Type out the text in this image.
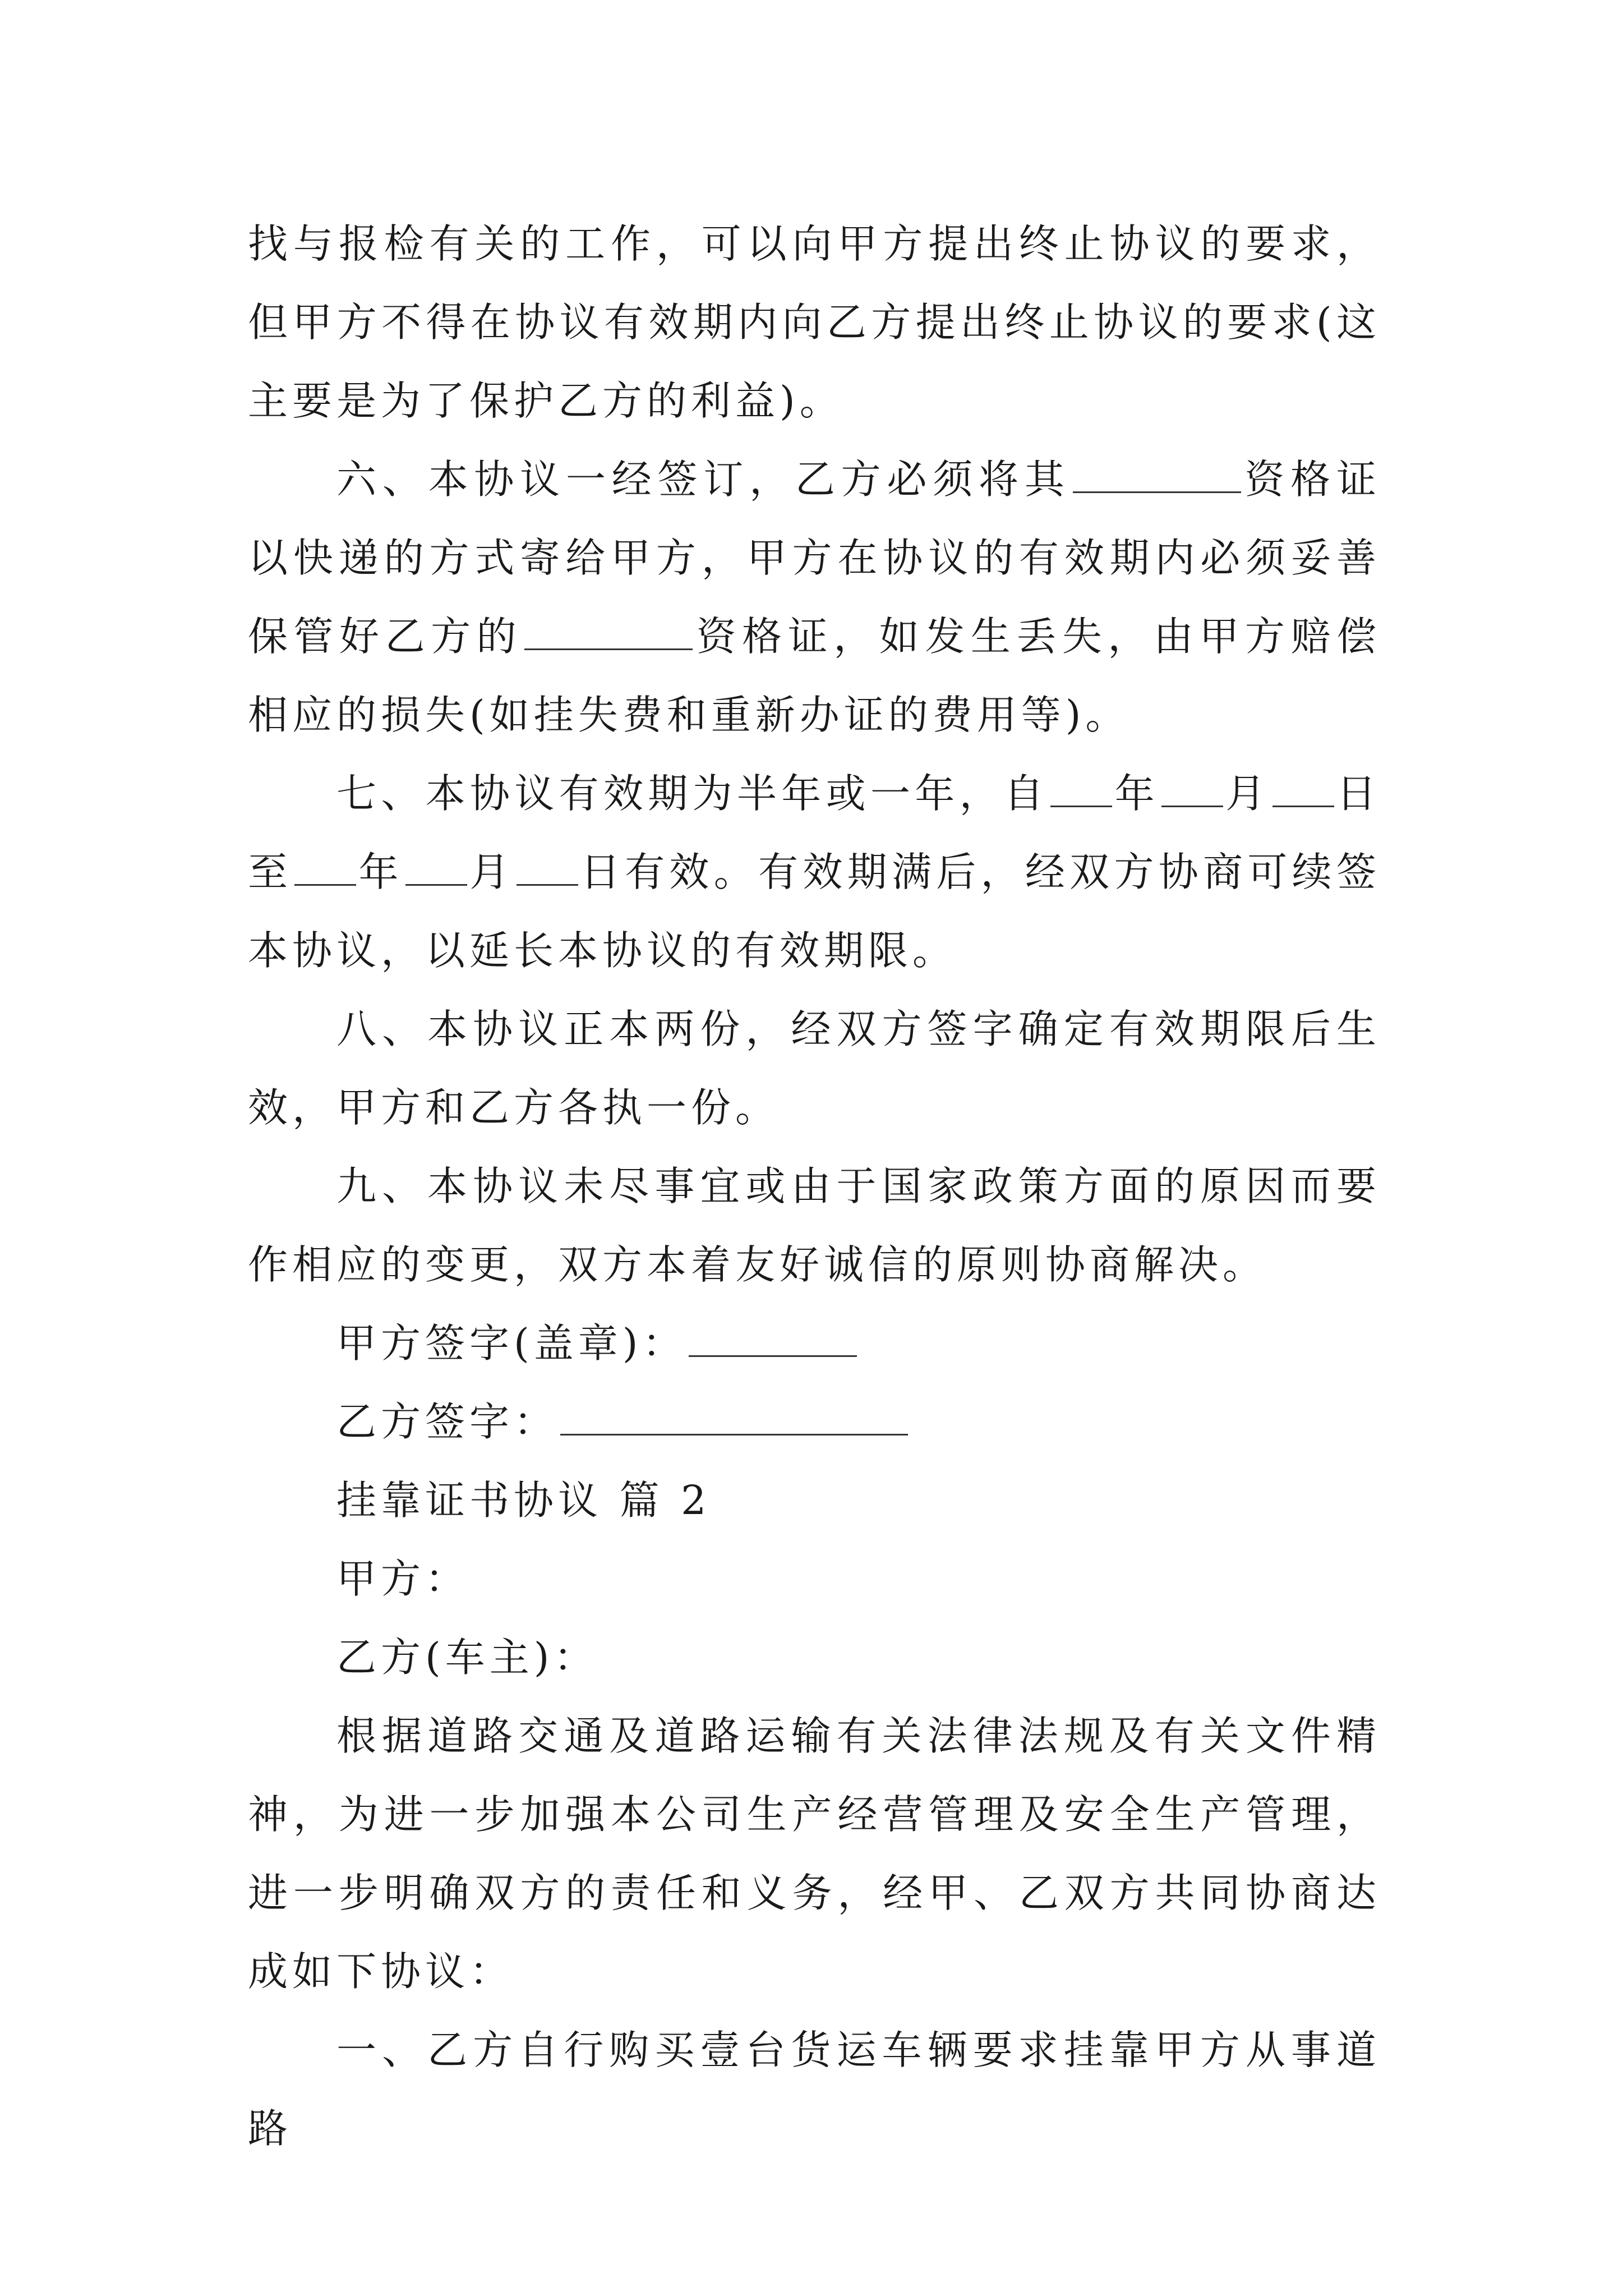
找与报检有关的工作，可以向甲方提出终止协议的要求，但甲方不得在协议有效期内向乙方提出终止协议的要求(这主要是为了保护乙方的利益)。

六、本协议一经签订，乙方必须将其	资格证以快递的方式寄给甲方，甲方在协议的有效期内必须妥善保管好乙方的	资格证，如发生丢失，由甲方赔偿相应的损失(如挂失费和重新办证的费用等)。

七、本协议有效期为半年或一年，自 年 月 日至 年 月 日有效。有效期满后，经双方协商可续签本协议，以延长本协议的有效期限。

八、本协议正本两份，经双方签字确定有效期限后生效，甲方和乙方各执一份。

九、本协议未尽事宜或由于国家政策方面的原因而要作相应的变更，双方本着友好诚信的原则协商解决。

甲方签字(盖章)：

乙方签字：

挂靠证书协议 篇 2

甲方：

乙方(车主)：

根据道路交通及道路运输有关法律法规及有关文件精神，为进一步加强本公司生产经营管理及安全生产管理，进一步明确双方的责任和义务，经甲、乙双方共同协商达成如下协议：

一、乙方自行购买壹台货运车辆要求挂靠甲方从事道路
